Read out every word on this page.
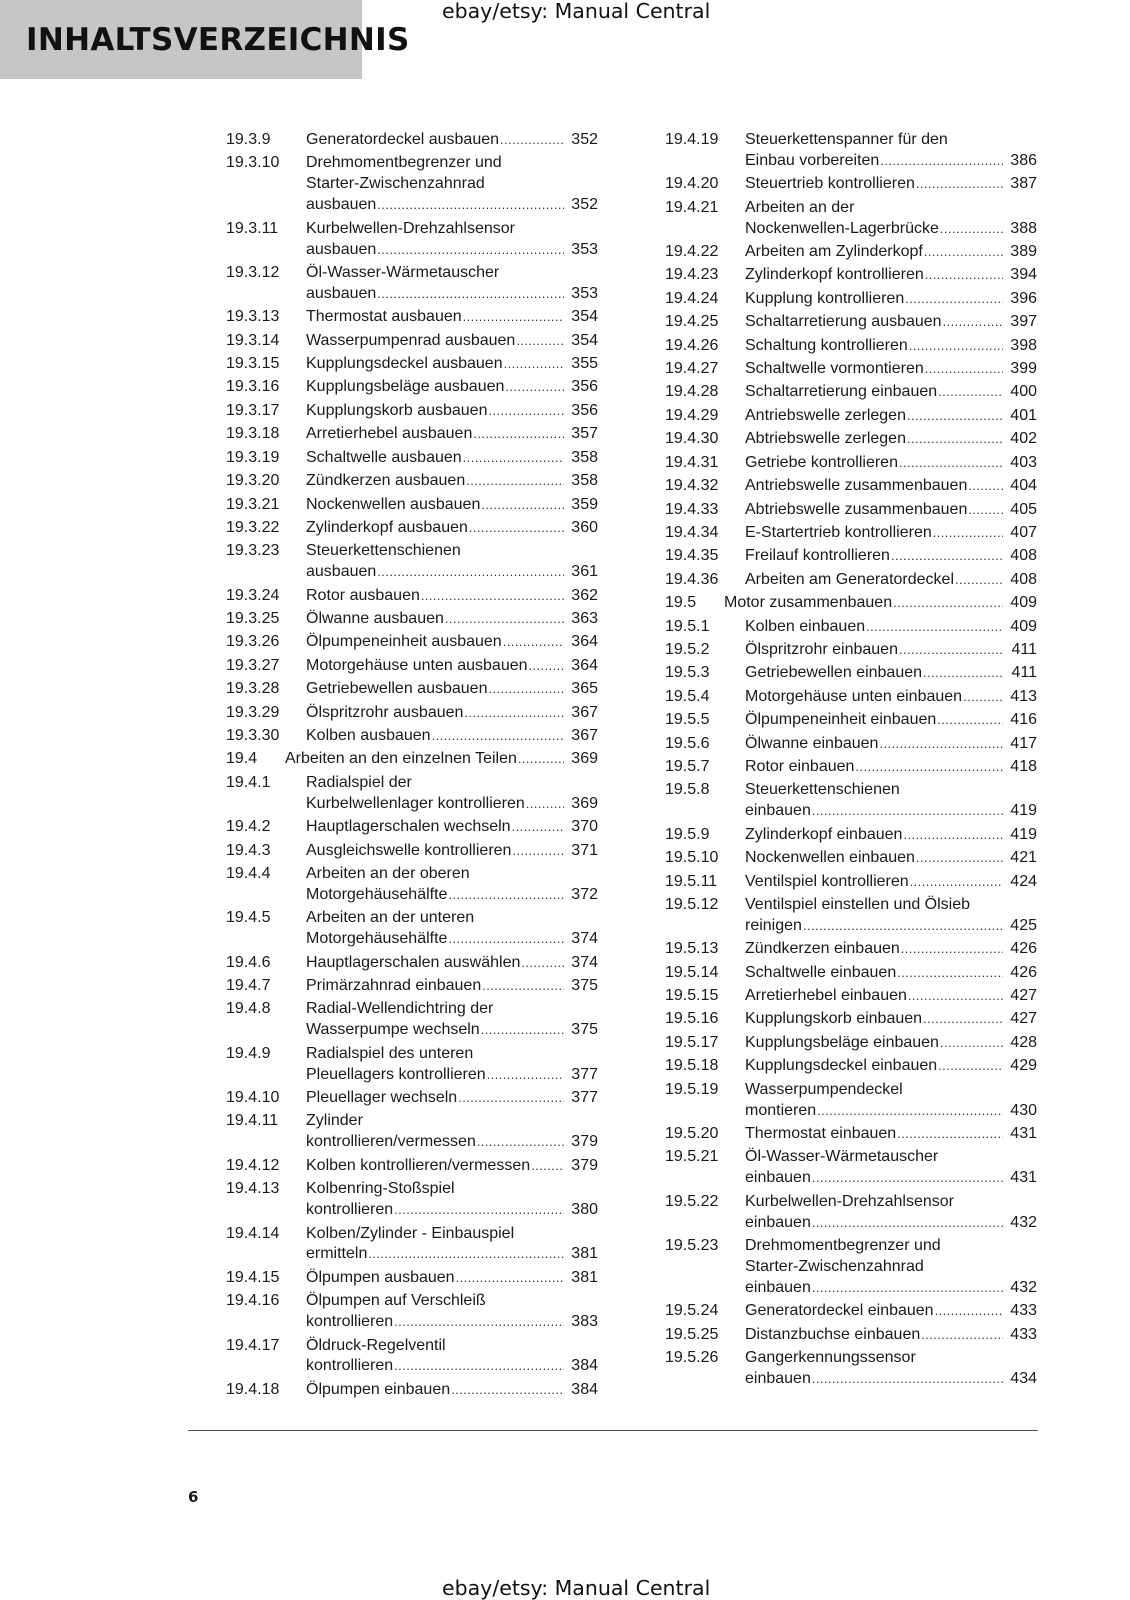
INHALTSVERZEICHNIS
ebay/etsy: Manual Central
19.3.9	Generatordeckel ausbauen .....	352
19.3.10	Drehmomentbegrenzer und
Starter-Zwischenzahnrad
ausbauen .....	352
19.3.11	Kurbelwellen-Drehzahlsensor
ausbauen .....	353
19.3.12	Öl-Wasser-Wärmetauscher
ausbauen .....	353
19.3.13	Thermostat ausbauen .....	354
19.3.14	Wasserpumpenrad ausbauen .....	354
19.3.15	Kupplungsdeckel ausbauen .....	355
19.3.16	Kupplungsbeläge ausbauen .....	356
19.3.17	Kupplungskorb ausbauen .....	356
19.3.18	Arretierhebel ausbauen .....	357
19.3.19	Schaltwelle ausbauen .....	358
19.3.20	Zündkerzen ausbauen .....	358
19.3.21	Nockenwellen ausbauen .....	359
19.3.22	Zylinderkopf ausbauen .....	360
19.3.23	Steuerkettenschienen
ausbauen .....	361
19.3.24	Rotor ausbauen .....	362
19.3.25	Ölwanne ausbauen .....	363
19.3.26	Ölpumpeneinheit ausbauen .....	364
19.3.27	Motorgehäuse unten ausbauen .....	364
19.3.28	Getriebewellen ausbauen .....	365
19.3.29	Ölspritzrohr ausbauen .....	367
19.3.30	Kolben ausbauen .....	367
19.4	Arbeiten an den einzelnen Teilen .....	369
19.4.1	Radialspiel der
Kurbelwellenlager kontrollieren .....	369
19.4.2	Hauptlagerschalen wechseln .....	370
19.4.3	Ausgleichswelle kontrollieren .....	371
19.4.4	Arbeiten an der oberen
Motorgehäusehälfte .....	372
19.4.5	Arbeiten an der unteren
Motorgehäusehälfte .....	374
19.4.6	Hauptlagerschalen auswählen .....	374
19.4.7	Primärzahnrad einbauen .....	375
19.4.8	Radial-Wellendichtring der
Wasserpumpe wechseln .....	375
19.4.9	Radialspiel des unteren
Pleuellagers kontrollieren .....	377
19.4.10	Pleuellager wechseln .....	377
19.4.11	Zylinder
kontrollieren/vermessen .....	379
19.4.12	Kolben kontrollieren/vermessen .....	379
19.4.13	Kolbenring-Stoßspiel
kontrollieren .....	380
19.4.14	Kolben/Zylinder - Einbauspiel
ermitteln .....	381
19.4.15	Ölpumpen ausbauen .....	381
19.4.16	Ölpumpen auf Verschleiß
kontrollieren .....	383
19.4.17	Öldruck-Regelventil
kontrollieren .....	384
19.4.18	Ölpumpen einbauen .....	384
19.4.19	Steuerkettenspanner für den
Einbau vorbereiten .....	386
19.4.20	Steuertrieb kontrollieren .....	387
19.4.21	Arbeiten an der
Nockenwellen-Lagerbrücke .....	388
19.4.22	Arbeiten am Zylinderkopf .....	389
19.4.23	Zylinderkopf kontrollieren .....	394
19.4.24	Kupplung kontrollieren .....	396
19.4.25	Schaltarretierung ausbauen .....	397
19.4.26	Schaltung kontrollieren .....	398
19.4.27	Schaltwelle vormontieren .....	399
19.4.28	Schaltarretierung einbauen .....	400
19.4.29	Antriebswelle zerlegen .....	401
19.4.30	Abtriebswelle zerlegen .....	402
19.4.31	Getriebe kontrollieren .....	403
19.4.32	Antriebswelle zusammenbauen .....	404
19.4.33	Abtriebswelle zusammenbauen .....	405
19.4.34	E-Startertrieb kontrollieren .....	407
19.4.35	Freilauf kontrollieren .....	408
19.4.36	Arbeiten am Generatordeckel .....	408
19.5	Motor zusammenbauen .....	409
19.5.1	Kolben einbauen .....	409
19.5.2	Ölspritzrohr einbauen .....	411
19.5.3	Getriebewellen einbauen .....	411
19.5.4	Motorgehäuse unten einbauen .....	413
19.5.5	Ölpumpeneinheit einbauen .....	416
19.5.6	Ölwanne einbauen .....	417
19.5.7	Rotor einbauen .....	418
19.5.8	Steuerkettenschienen
einbauen .....	419
19.5.9	Zylinderkopf einbauen .....	419
19.5.10	Nockenwellen einbauen .....	421
19.5.11	Ventilspiel kontrollieren .....	424
19.5.12	Ventilspiel einstellen und Ölsieb
reinigen .....	425
19.5.13	Zündkerzen einbauen .....	426
19.5.14	Schaltwelle einbauen .....	426
19.5.15	Arretierhebel einbauen .....	427
19.5.16	Kupplungskorb einbauen .....	427
19.5.17	Kupplungsbeläge einbauen .....	428
19.5.18	Kupplungsdeckel einbauen .....	429
19.5.19	Wasserpumpendeckel
montieren .....	430
19.5.20	Thermostat einbauen .....	431
19.5.21	Öl-Wasser-Wärmetauscher
einbauen .....	431
19.5.22	Kurbelwellen-Drehzahlsensor
einbauen .....	432
19.5.23	Drehmomentbegrenzer und
Starter-Zwischenzahnrad
einbauen .....	432
19.5.24	Generatordeckel einbauen .....	433
19.5.25	Distanzbuchse einbauen .....	433
19.5.26	Gangerkennungssensor
einbauen .....	434
6
ebay/etsy: Manual Central
